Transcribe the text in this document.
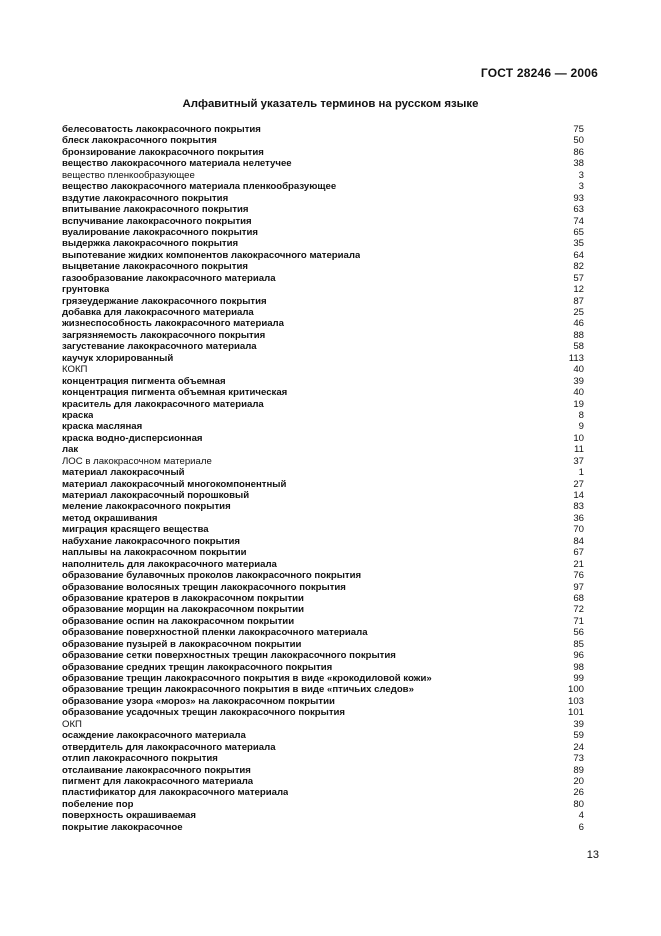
ГОСТ 28246 — 2006
Алфавитный указатель терминов на русском языке
белесоватость лакокрасочного покрытия	75
блеск лакокрасочного покрытия	50
бронзирование лакокрасочного покрытия	86
вещество лакокрасочного материала нелетучее	38
вещество пленкообразующее	3
вещество лакокрасочного материала пленкообразующее	3
вздутие лакокрасочного покрытия	93
впитывание лакокрасочного покрытия	63
вспучивание лакокрасочного покрытия	74
вуалирование лакокрасочного покрытия	65
выдержка лакокрасочного покрытия	35
выпотевание жидких компонентов лакокрасочного материала	64
выцветание лакокрасочного покрытия	82
газообразование лакокрасочного материала	57
грунтовка	12
грязеудержание лакокрасочного покрытия	87
добавка для лакокрасочного материала	25
жизнеспособность лакокрасочного материала	46
загрязняемость лакокрасочного покрытия	88
загустевание лакокрасочного материала	58
каучук хлорированный	113
КОКП	40
концентрация пигмента объемная	39
концентрация пигмента объемная критическая	40
краситель для лакокрасочного материала	19
краска	8
краска масляная	9
краска водно-дисперсионная	10
лак	11
ЛОС в лакокрасочном материале	37
материал лакокрасочный	1
материал лакокрасочный многокомпонентный	27
материал лакокрасочный порошковый	14
меление лакокрасочного покрытия	83
метод окрашивания	36
миграция красящего вещества	70
набухание лакокрасочного покрытия	84
наплывы на лакокрасочном покрытии	67
наполнитель для лакокрасочного материала	21
образование булавочных проколов лакокрасочного покрытия	76
образование волосяных трещин лакокрасочного покрытия	97
образование кратеров в лакокрасочном покрытии	68
образование морщин на лакокрасочном покрытии	72
образование оспин на лакокрасочном покрытии	71
образование поверхностной пленки лакокрасочного материала	56
образование пузырей в лакокрасочном покрытии	85
образование сетки поверхностных трещин лакокрасочного покрытия	96
образование средних трещин лакокрасочного покрытия	98
образование трещин лакокрасочного покрытия в виде «крокодиловой кожи»	99
образование трещин лакокрасочного покрытия в виде «птичьих следов»	100
образование узора «мороз» на лакокрасочном покрытии	103
образование усадочных трещин лакокрасочного покрытия	101
ОКП	39
осаждение лакокрасочного материала	59
отвердитель для лакокрасочного материала	24
отлип лакокрасочного покрытия	73
отслаивание лакокрасочного покрытия	89
пигмент для лакокрасочного материала	20
пластификатор для лакокрасочного материала	26
побеление пор	80
поверхность окрашиваемая	4
покрытие лакокрасочное	6
13
